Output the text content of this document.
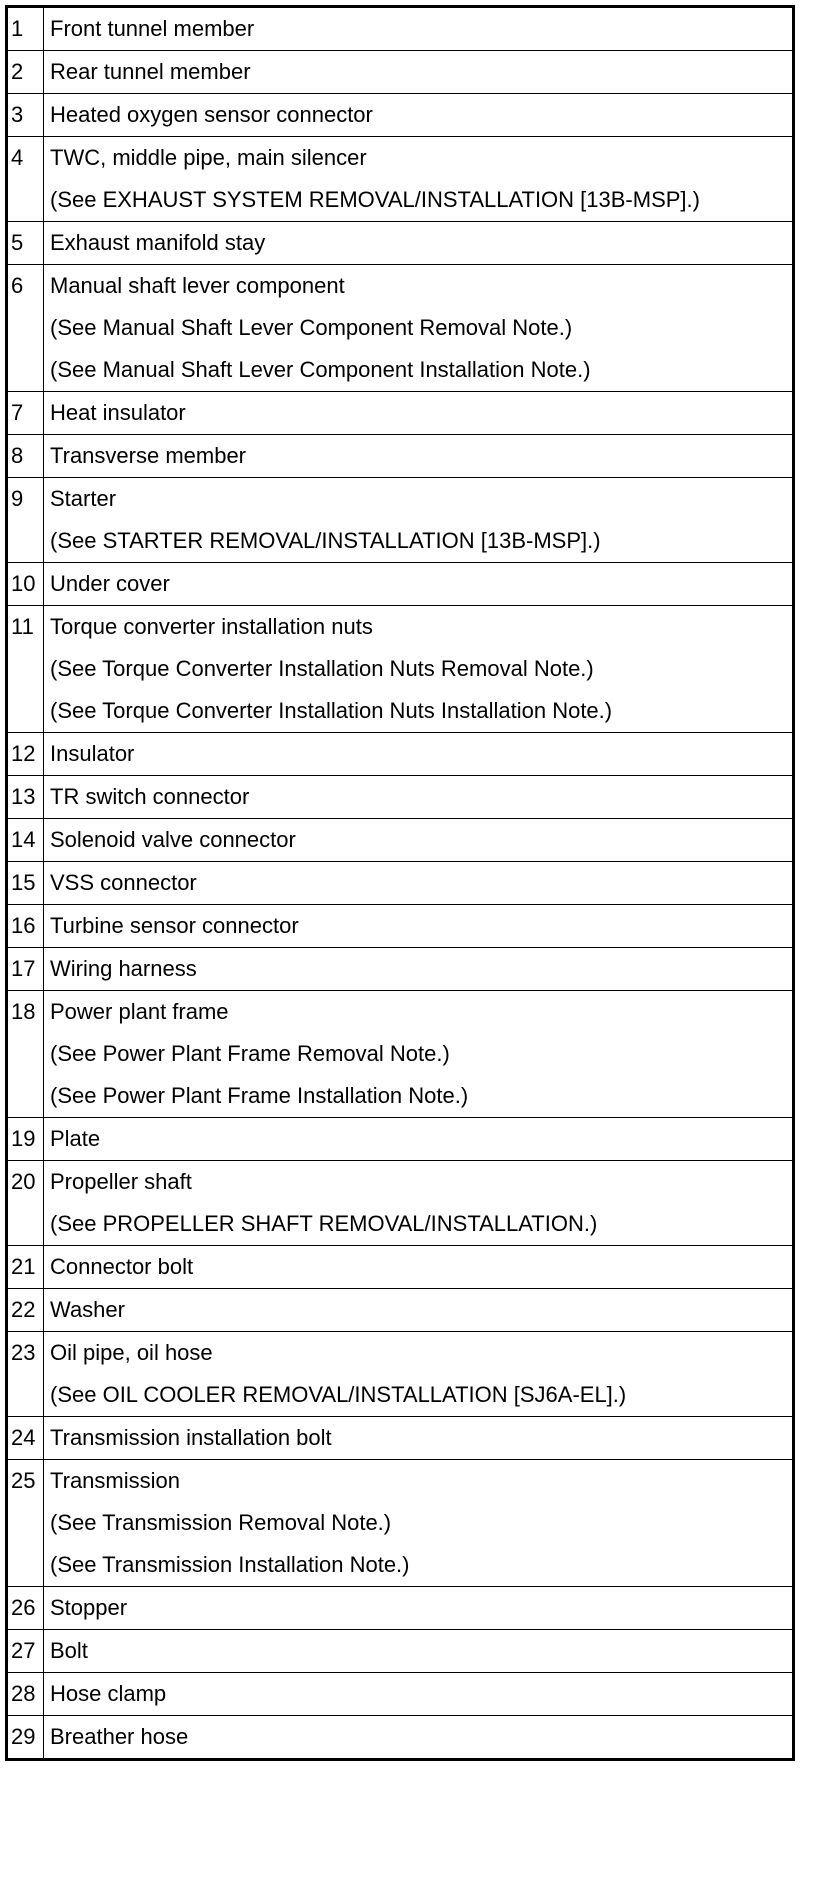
1	Front tunnel member

2	Rear tunnel member

3	Heated oxygen sensor connector

4	TWC, middle pipe, main silencer
(See EXHAUST SYSTEM REMOVAL/INSTALLATION [13B-MSP].)

5	Exhaust manifold stay

6	Manual shaft lever component
(See Manual Shaft Lever Component Removal Note.)
(See Manual Shaft Lever Component Installation Note.)

7	Heat insulator

8	Transverse member

9	Starter
(See STARTER REMOVAL/INSTALLATION [13B-MSP].)

10	Under cover

11	Torque converter installation nuts
(See Torque Converter Installation Nuts Removal Note.)
(See Torque Converter Installation Nuts Installation Note.)

12	Insulator

13	TR switch connector

14	Solenoid valve connector

15	VSS connector

16	Turbine sensor connector

17	Wiring harness

18	Power plant frame
(See Power Plant Frame Removal Note.)
(See Power Plant Frame Installation Note.)

19	Plate

20	Propeller shaft
(See PROPELLER SHAFT REMOVAL/INSTALLATION.)

21	Connector bolt

22	Washer

23	Oil pipe, oil hose
(See OIL COOLER REMOVAL/INSTALLATION [SJ6A-EL].)

24	Transmission installation bolt

25	Transmission
(See Transmission Removal Note.)
(See Transmission Installation Note.)

26	Stopper

27	Bolt

28	Hose clamp

29	Breather hose
